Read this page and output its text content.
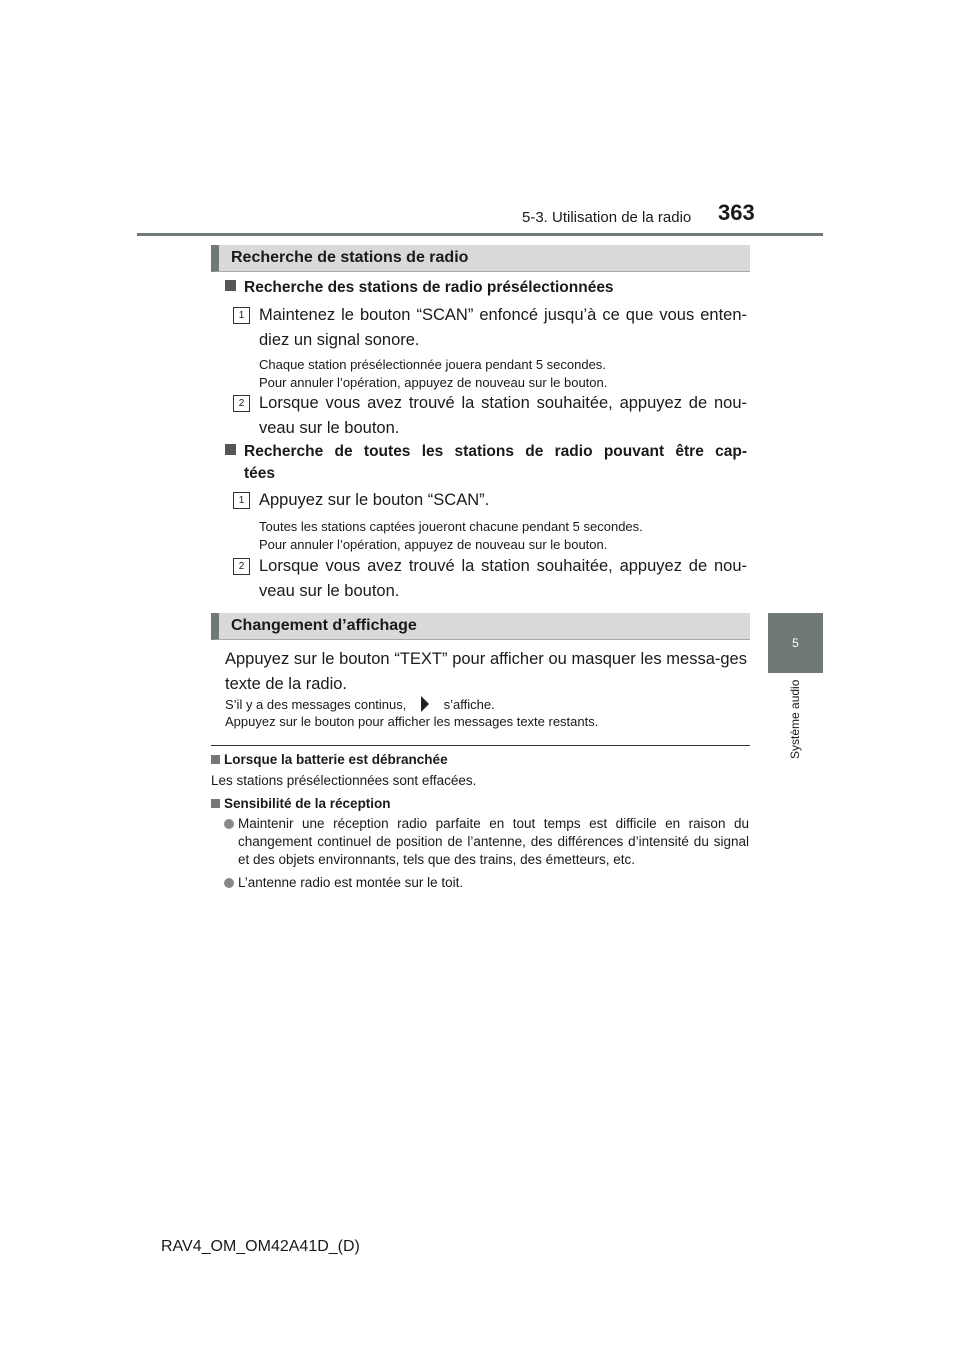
5-3. Utilisation de la radio 363
5
Système audio
Recherche de stations de radio
Recherche des stations de radio présélectionnées
1 Maintenez le bouton “SCAN” enfoncé jusqu’à ce que vous enten-diez un signal sonore.
Chaque station présélectionnée jouera pendant 5 secondes.
Pour annuler l’opération, appuyez de nouveau sur le bouton.
2 Lorsque vous avez trouvé la station souhaitée, appuyez de nou-veau sur le bouton.
Recherche de toutes les stations de radio pouvant être cap-
tées
1 Appuyez sur le bouton “SCAN”.
Toutes les stations captées joueront chacune pendant 5 secondes.
Pour annuler l’opération, appuyez de nouveau sur le bouton.
2 Lorsque vous avez trouvé la station souhaitée, appuyez de nou-veau sur le bouton.
Changement d’affichage
Appuyez sur le bouton “TEXT” pour afficher ou masquer les messa-ges texte de la radio.
S’il y a des messages continus,	s’affiche.
Appuyez sur le bouton pour afficher les messages texte restants.
Lorsque la batterie est débranchée
Les stations présélectionnées sont effacées.
Sensibilité de la réception
Maintenir une réception radio parfaite en tout temps est difficile en raison du changement continuel de position de l’antenne, des différences d’intensité du signal et des objets environnants, tels que des trains, des émetteurs, etc.
L’antenne radio est montée sur le toit.
RAV4_OM_OM42A41D_(D)
